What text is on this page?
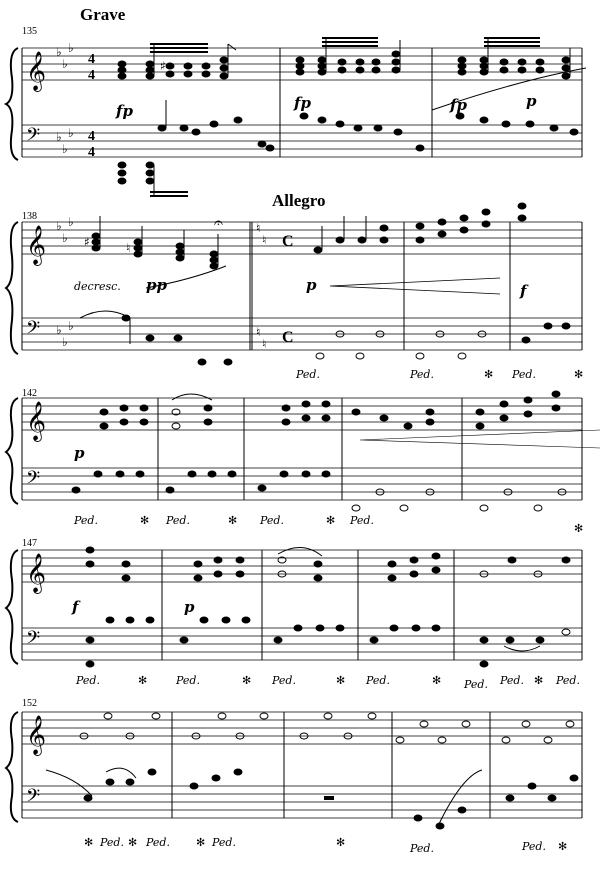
Grave
135
𝄞
𝄢
♭
♭
♭
♭
♭
♭
4
4
4
4
♯
fp	fp	fp	p
Allegro
138
𝄞
𝄢
♭
♭
♭
♭
♭
♭
♯	♮
𝄐
decresc. pp
♮
♮
♮
♮
C
C
p	f
Ped.	Ped.	✻ Ped.	✻
142
𝄞
𝄢
p
Ped.	✻ Ped.	✻ Ped.	✻ Ped.
✻
147
𝄞
𝄢
f	p
Ped.	✻	Ped.	✻ Ped.	✻ Ped.	✻ Ped. Ped. ✻ Ped.
152
𝄞
𝄢
✻ Ped. ✻ Ped. ✻ Ped.	✻	Ped.	Ped. ✻
